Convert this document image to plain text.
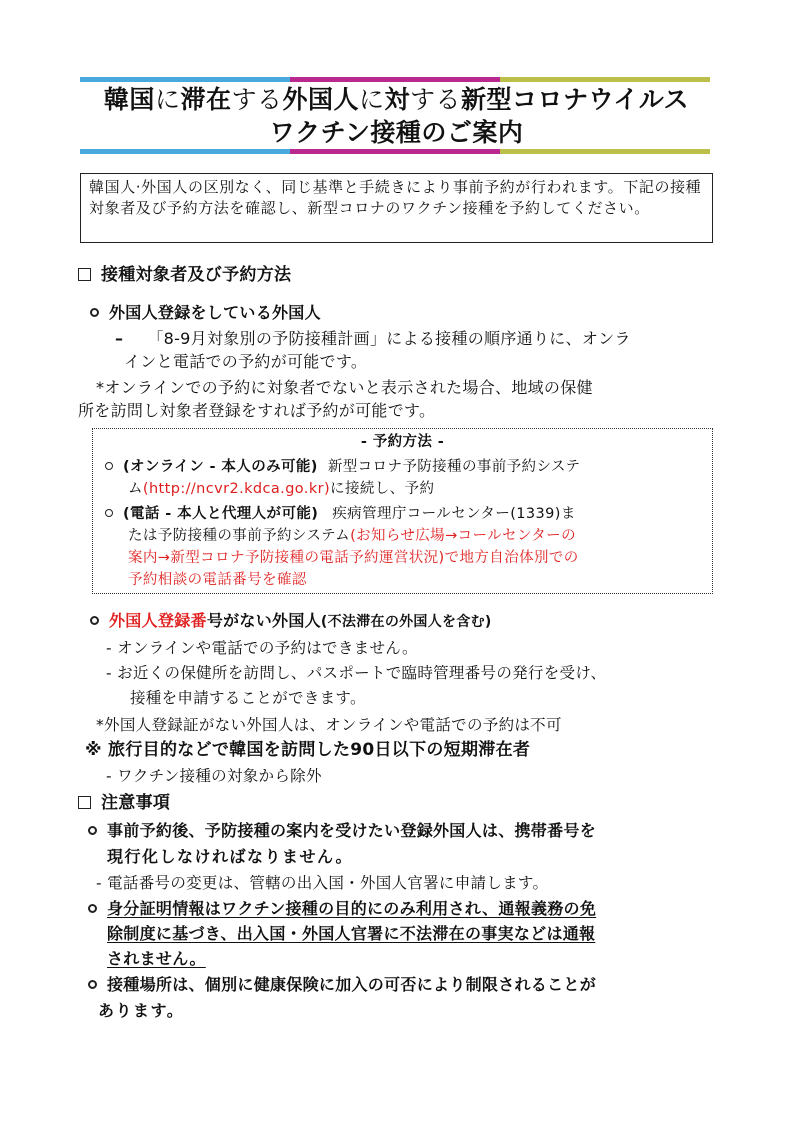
韓国に滞在する外国人に対する新型コロナウイルス
ワクチン接種のご案内
韓国人·外国人の区別なく、同じ基準と手続きにより事前予約が行われます。下記の接種対象者及び予約方法を確認し、新型コロナのワクチン接種を予約してください。
接種対象者及び予約方法
外国人登録をしている外国人
– 「8-9月対象別の予防接種計画」による接種の順序通りに、オンラ
インと電話での予約が可能です。
*オンラインでの予約に対象者でないと表示された場合、地域の保健
所を訪問し対象者登録をすれば予約が可能です。
- 予約方法 -
(オンライン - 本人のみ可能) 新型コロナ予防接種の事前予約システ
ム(http://ncvr2.kdca.go.kr)に接続し、予約
(電話 - 本人と代理人が可能) 疾病管理庁コールセンター(1339)ま
たは予防接種の事前予約システム(お知らせ広場→コールセンターの
案内→新型コロナ予防接種の電話予約運営状況)で地方自治体別での
予約相談の電話番号を確認
外国人登録番号がない外国人(不法滞在の外国人を含む)
- オンラインや電話での予約はできません。
- お近くの保健所を訪問し、パスポートで臨時管理番号の発行を受け、
接種を申請することができます。
*外国人登録証がない外国人は、オンラインや電話での予約は不可
※ 旅行目的などで韓国を訪問した90日以下の短期滞在者
- ワクチン接種の対象から除外
注意事項
事前予約後、予防接種の案内を受けたい登録外国人は、携帯番号を
現行化しなければなりません。
- 電話番号の変更は、管轄の出入国・外国人官署に申請します。
身分証明情報はワクチン接種の目的にのみ利用され、通報義務の免
除制度に基づき、出入国・外国人官署に不法滞在の事実などは通報
されません。
接種場所は、個別に健康保険に加入の可否により制限されることが
あります。
